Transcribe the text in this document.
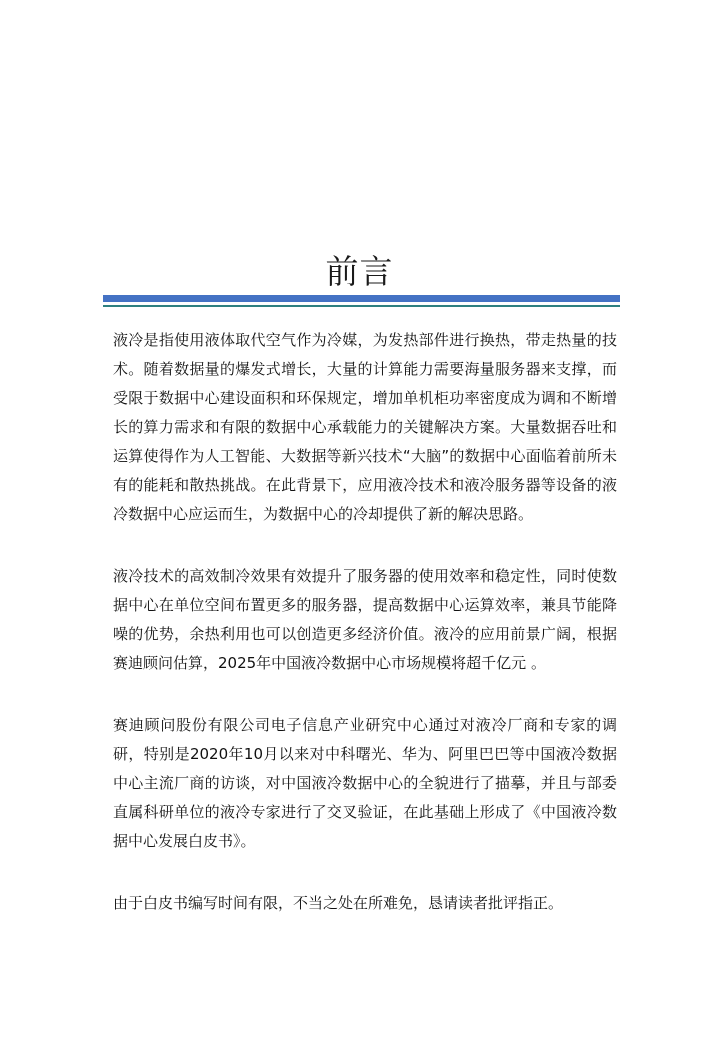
前言

液冷是指使用液体取代空气作为冷媒，为发热部件进行换热，带走热量的技术。随着数据量的爆发式增长，大量的计算能力需要海量服务器来支撑，而受限于数据中心建设面积和环保规定，增加单机柜功率密度成为调和不断增长的算力需求和有限的数据中心承载能力的关键解决方案。大量数据吞吐和运算使得作为人工智能、大数据等新兴技术“大脑”的数据中心面临着前所未有的能耗和散热挑战。在此背景下，应用液冷技术和液冷服务器等设备的液冷数据中心应运而生，为数据中心的冷却提供了新的解决思路。

液冷技术的高效制冷效果有效提升了服务器的使用效率和稳定性，同时使数据中心在单位空间布置更多的服务器，提高数据中心运算效率，兼具节能降噪的优势，余热利用也可以创造更多经济价值。液冷的应用前景广阔，根据赛迪顾问估算，2025年中国液冷数据中心市场规模将超千亿元 。

赛迪顾问股份有限公司电子信息产业研究中心通过对液冷厂商和专家的调研，特别是2020年10月以来对中科曙光、华为、阿里巴巴等中国液冷数据中心主流厂商的访谈，对中国液冷数据中心的全貌进行了描摹，并且与部委直属科研单位的液冷专家进行了交叉验证，在此基础上形成了《中国液冷数据中心发展白皮书》。

由于白皮书编写时间有限，不当之处在所难免，恳请读者批评指正。
